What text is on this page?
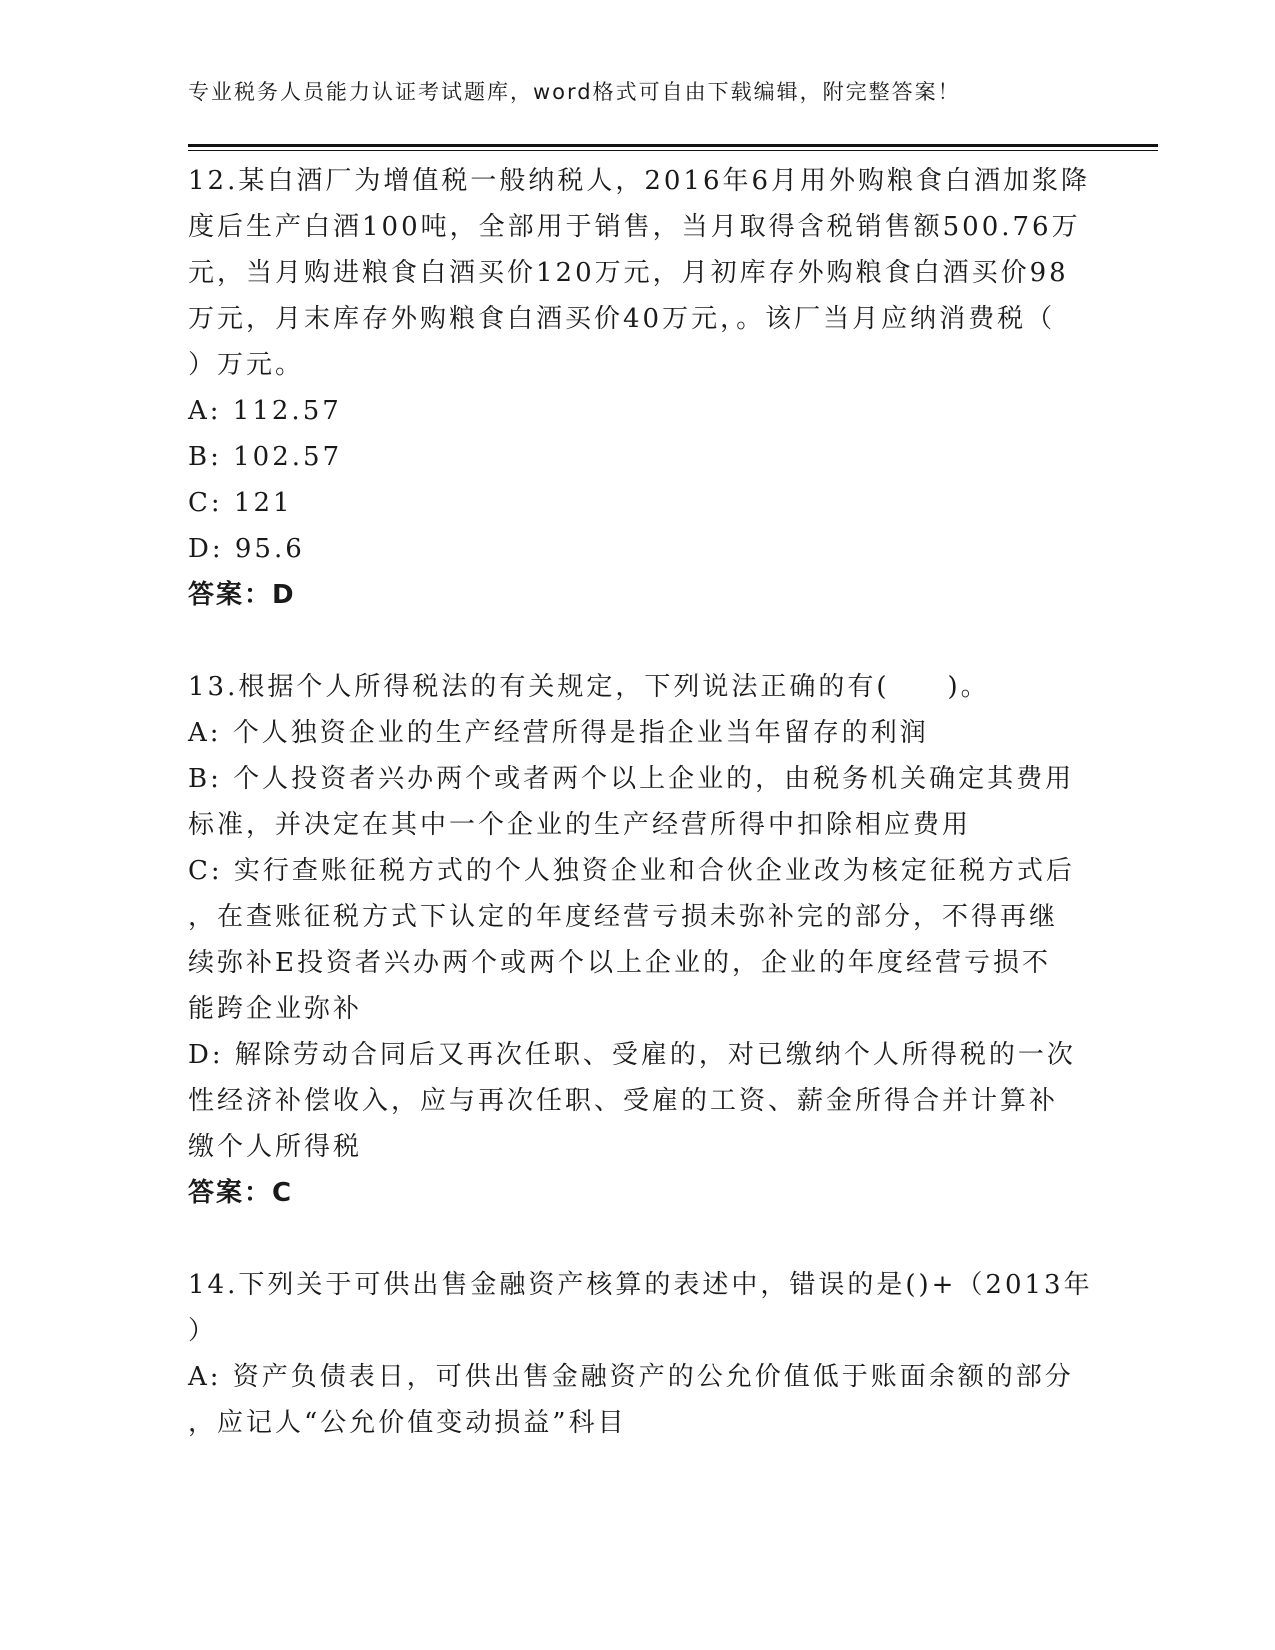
专业税务人员能力认证考试题库，word格式可自由下载编辑，附完整答案！
12.某白酒厂为增值税一般纳税人，2016年6月用外购粮食白酒加浆降
度后生产白酒100吨，全部用于销售，当月取得含税销售额500.76万
元，当月购进粮食白酒买价120万元，月初库存外购粮食白酒买价98
万元，月末库存外购粮食白酒买价40万元，。该厂当月应纳消费税（
）万元。
A: 112.57
B: 102.57
C: 121
D: 95.6
答案：D
13.根据个人所得税法的有关规定，下列说法正确的有(　　)。
A: 个人独资企业的生产经营所得是指企业当年留存的利润
B: 个人投资者兴办两个或者两个以上企业的，由税务机关确定其费用
标准，并决定在其中一个企业的生产经营所得中扣除相应费用
C: 实行查账征税方式的个人独资企业和合伙企业改为核定征税方式后
，在查账征税方式下认定的年度经营亏损未弥补完的部分，不得再继
续弥补E投资者兴办两个或两个以上企业的，企业的年度经营亏损不
能跨企业弥补
D: 解除劳动合同后又再次任职、受雇的，对已缴纳个人所得税的一次
性经济补偿收入，应与再次任职、受雇的工资、薪金所得合并计算补
缴个人所得税
答案：C
14.下列关于可供出售金融资产核算的表述中，错误的是()+（2013年
）
A: 资产负债表日，可供出售金融资产的公允价值低于账面余额的部分
，应记人“公允价值变动损益”科目
